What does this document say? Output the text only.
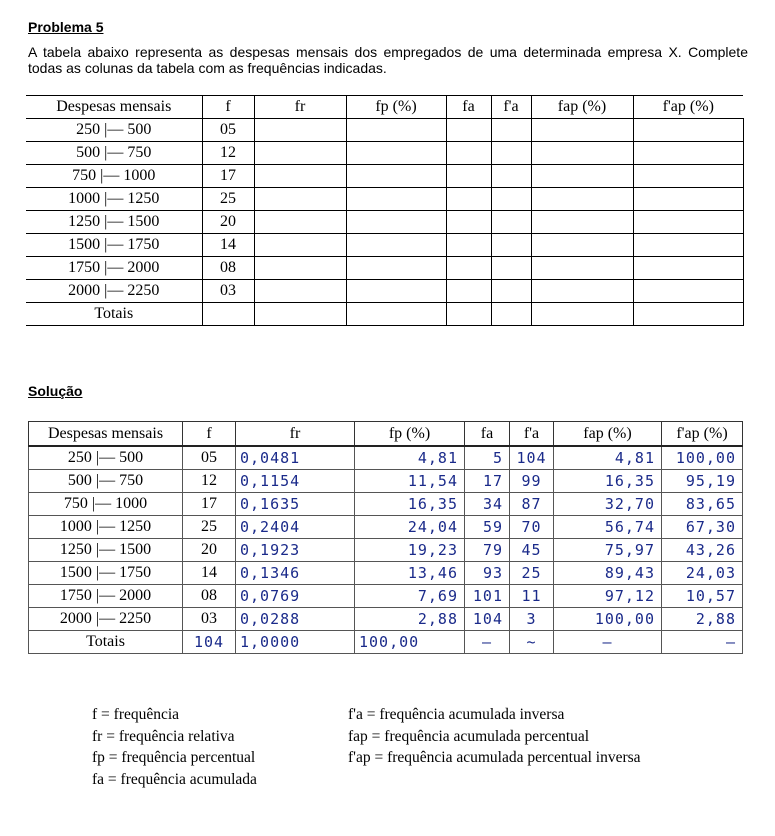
Problema 5
A tabela abaixo representa as despesas mensais dos empregados de uma determinada empresa X. Complete todas as colunas da tabela com as frequências indicadas.
Despesas mensais	f	fr	fp (%)	fa	f'a	fap (%)	f'ap (%)
250 |— 500	05						
500 |— 750	12						
750 |— 1000	17						
1000 |— 1250	25						
1250 |— 1500	20						
1500 |— 1750	14						
1750 |— 2000	08						
2000 |— 2250	03						
Totais							
Solução
Despesas mensais	f	fr	fp (%)	fa	f'a	fap (%)	f'ap (%)
250 |— 500	05	0,0481	4,81	5	104	4,81	100,00
500 |— 750	12	0,1154	11,54	17	99	16,35	95,19
750 |— 1000	17	0,1635	16,35	34	87	32,70	83,65
1000 |— 1250	25	0,2404	24,04	59	70	56,74	67,30
1250 |— 1500	20	0,1923	19,23	79	45	75,97	43,26
1500 |— 1750	14	0,1346	13,46	93	25	89,43	24,03
1750 |— 2000	08	0,0769	7,69	101	11	97,12	10,57
2000 |— 2250	03	0,0288	2,88	104	3	100,00	2,88
Totais	104	1,0000	100,00	—	~	—	—
f = frequência
fr = frequência relativa
fp = frequência percentual
fa = frequência acumulada
f'a = frequência acumulada inversa
fap = frequência acumulada percentual
f'ap = frequência acumulada percentual inversa
